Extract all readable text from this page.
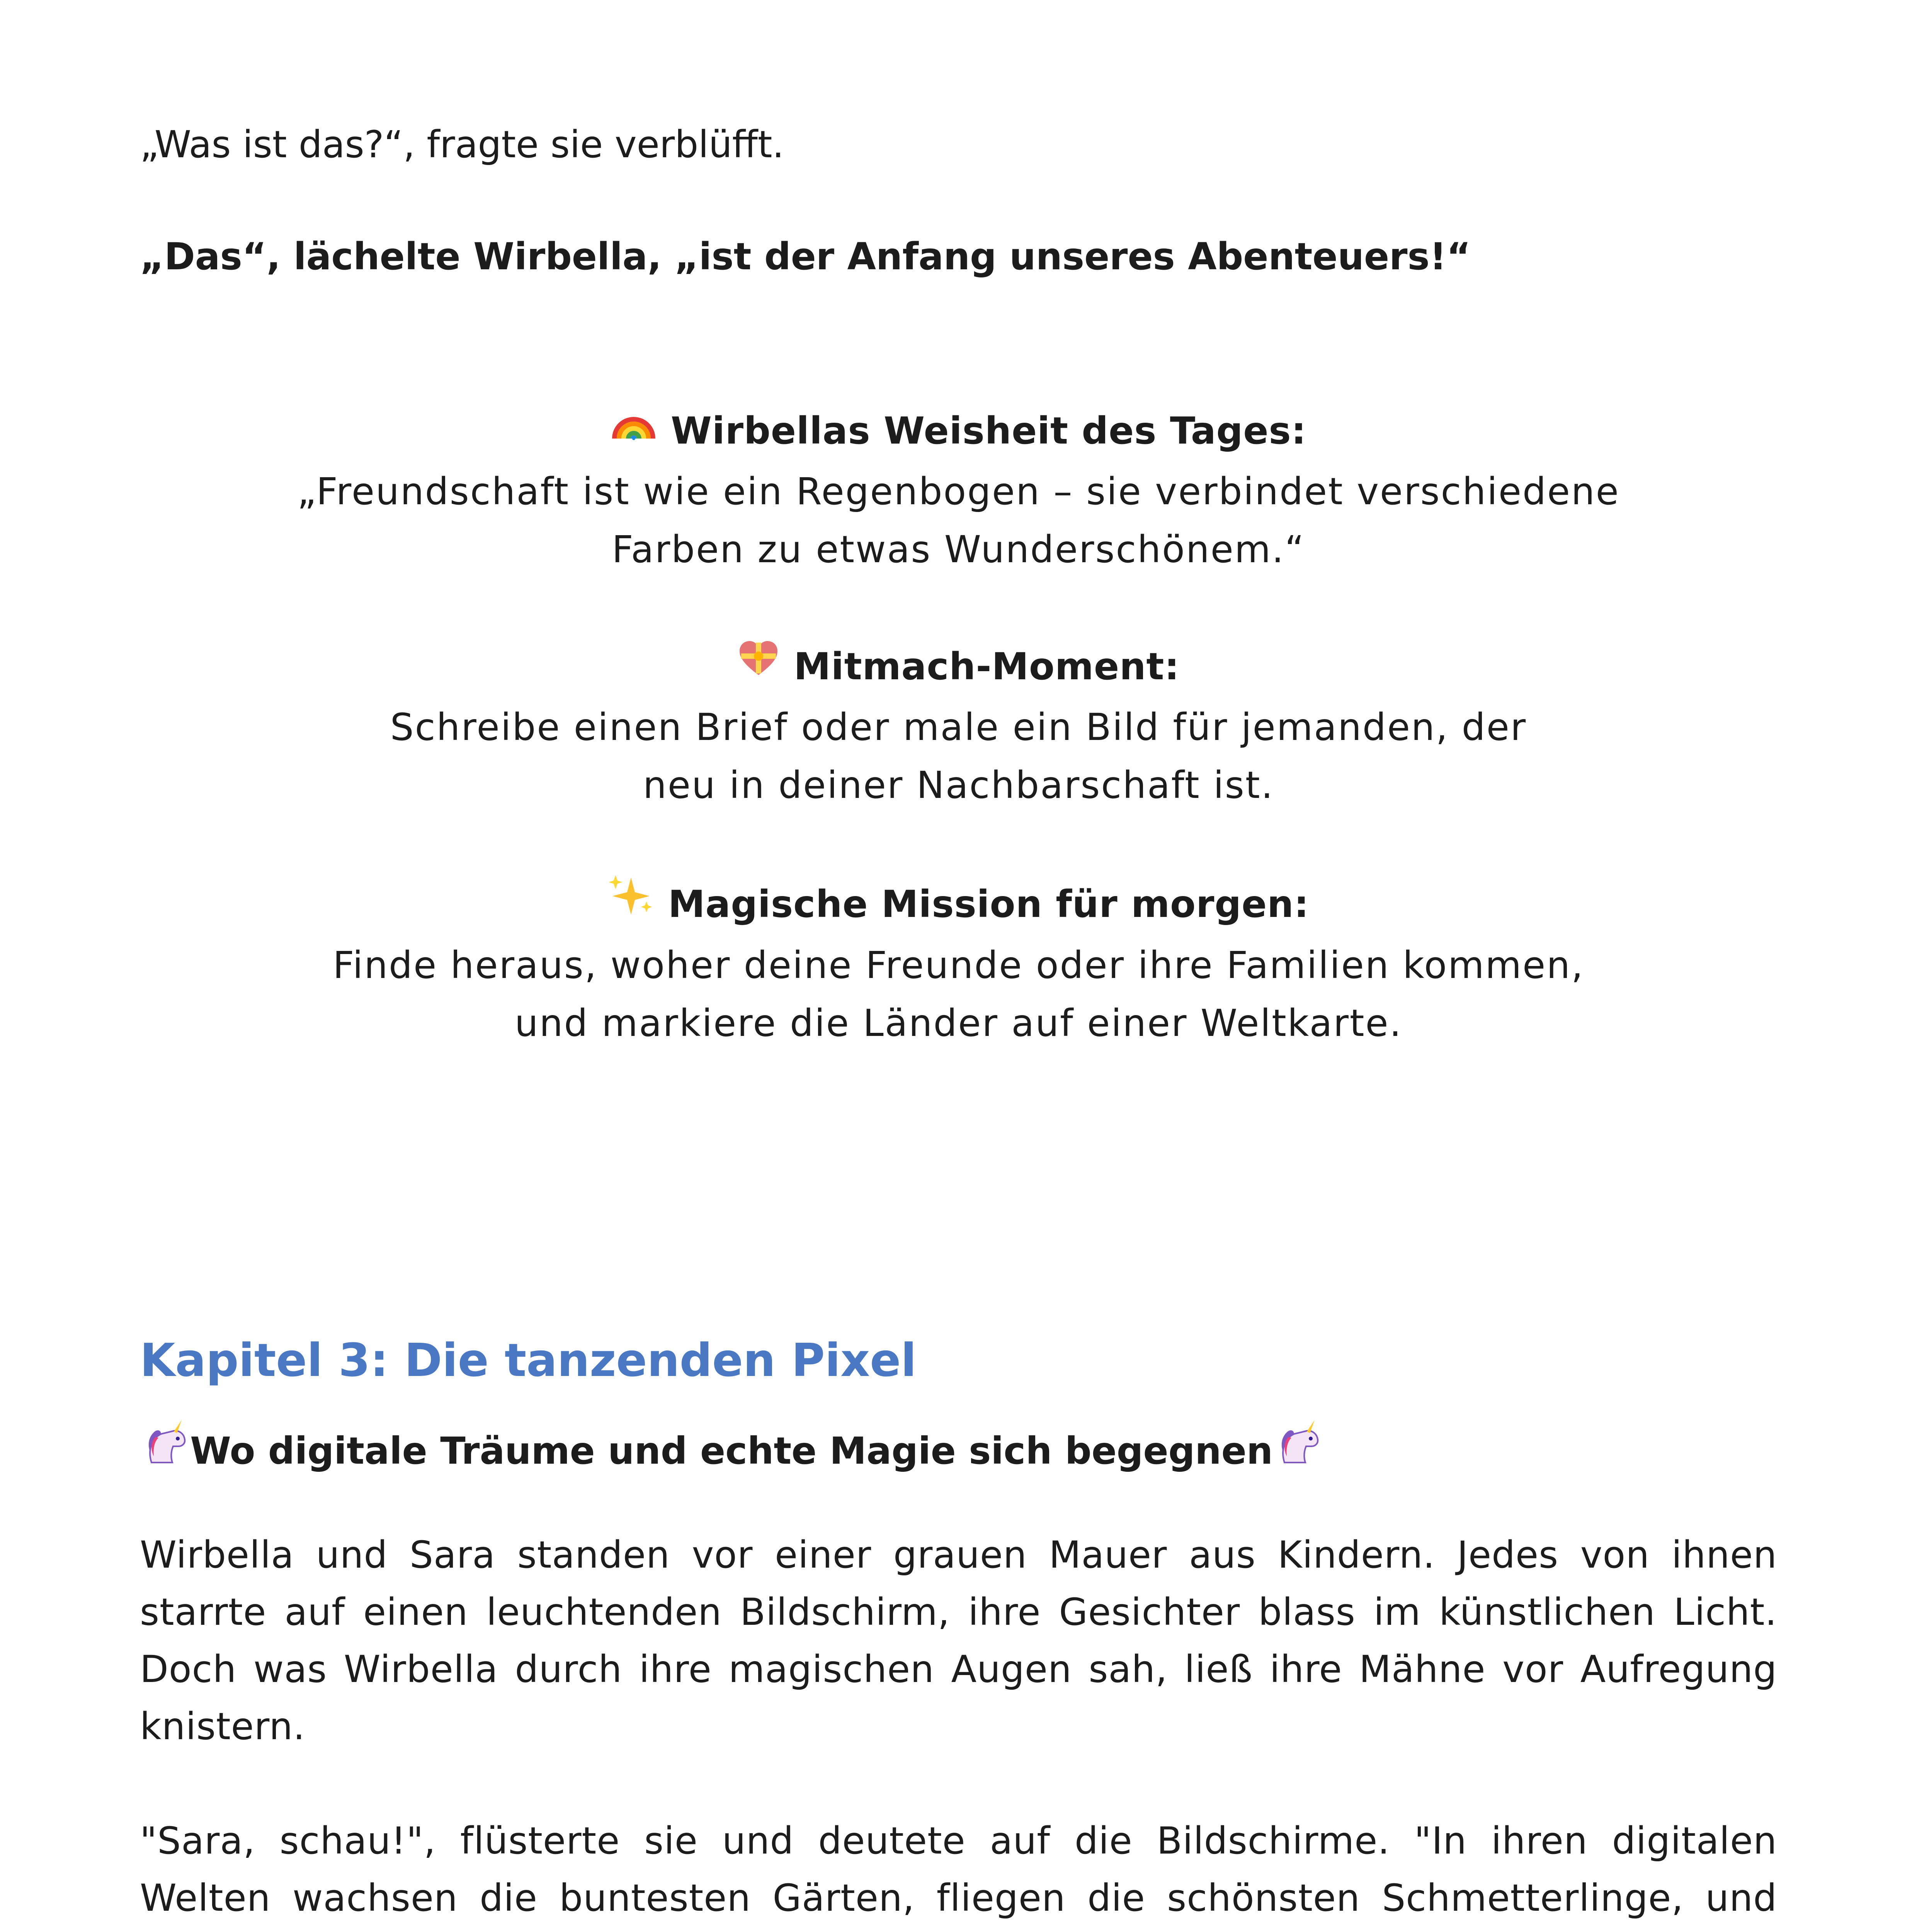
„Was ist das?“, fragte sie verblüfft.

„Das“, lächelte Wirbella, „ist der Anfang unseres Abenteuers!“

Wirbellas Weisheit des Tages:
„Freundschaft ist wie ein Regenbogen – sie verbindet verschiedene
Farben zu etwas Wunderschönem.“
Mitmach-Moment:
Schreibe einen Brief oder male ein Bild für jemanden, der
neu in deiner Nachbarschaft ist.
Magische Mission für morgen:
Finde heraus, woher deine Freunde oder ihre Familien kommen,
und markiere die Länder auf einer Weltkarte.
Kapitel 3: Die tanzenden Pixel
Wo digitale Träume und echte Magie sich begegnen

Wirbella und Sara standen vor einer grauen Mauer aus Kindern. Jedes von ihnen starrte auf einen leuchtenden Bildschirm, ihre Gesichter blass im künstlichen Licht. Doch was Wirbella durch ihre magischen Augen sah, ließ ihre Mähne vor Aufregung knistern.

"Sara, schau!", flüsterte sie und deutete auf die Bildschirme. "In ihren digitalen Welten wachsen die buntesten Gärten, fliegen die schönsten Schmetterlinge, und
